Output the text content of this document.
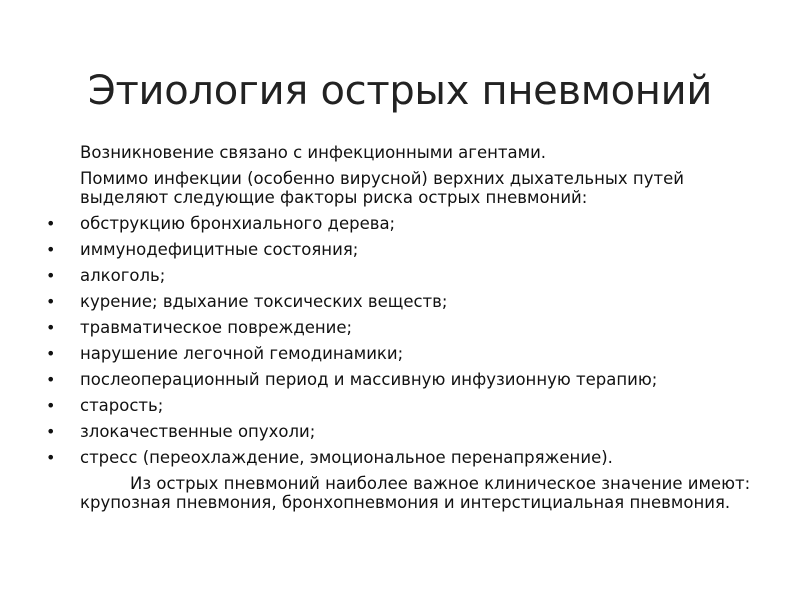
Этиология острых пневмоний
Возникновение связано с инфекционными агентами.
Помимо инфекции (особенно вирусной) верхних дыхательных путей выделяют следующие факторы риска острых пневмоний:
• обструкцию бронхиального дерева;
• иммунодефицитные состояния;
• алкоголь;
• курение; вдыхание токсических веществ;
• травматическое повреждение;
• нарушение легочной гемодинамики;
• послеоперационный период и массивную инфузионную терапию;
• старость;
• злокачественные опухоли;
• стресс (переохлаждение, эмоциональное перенапряжение).
Из острых пневмоний наиболее важное клиническое значение имеют: крупозная пневмония, бронхопневмония и интерстициальная пневмония.
